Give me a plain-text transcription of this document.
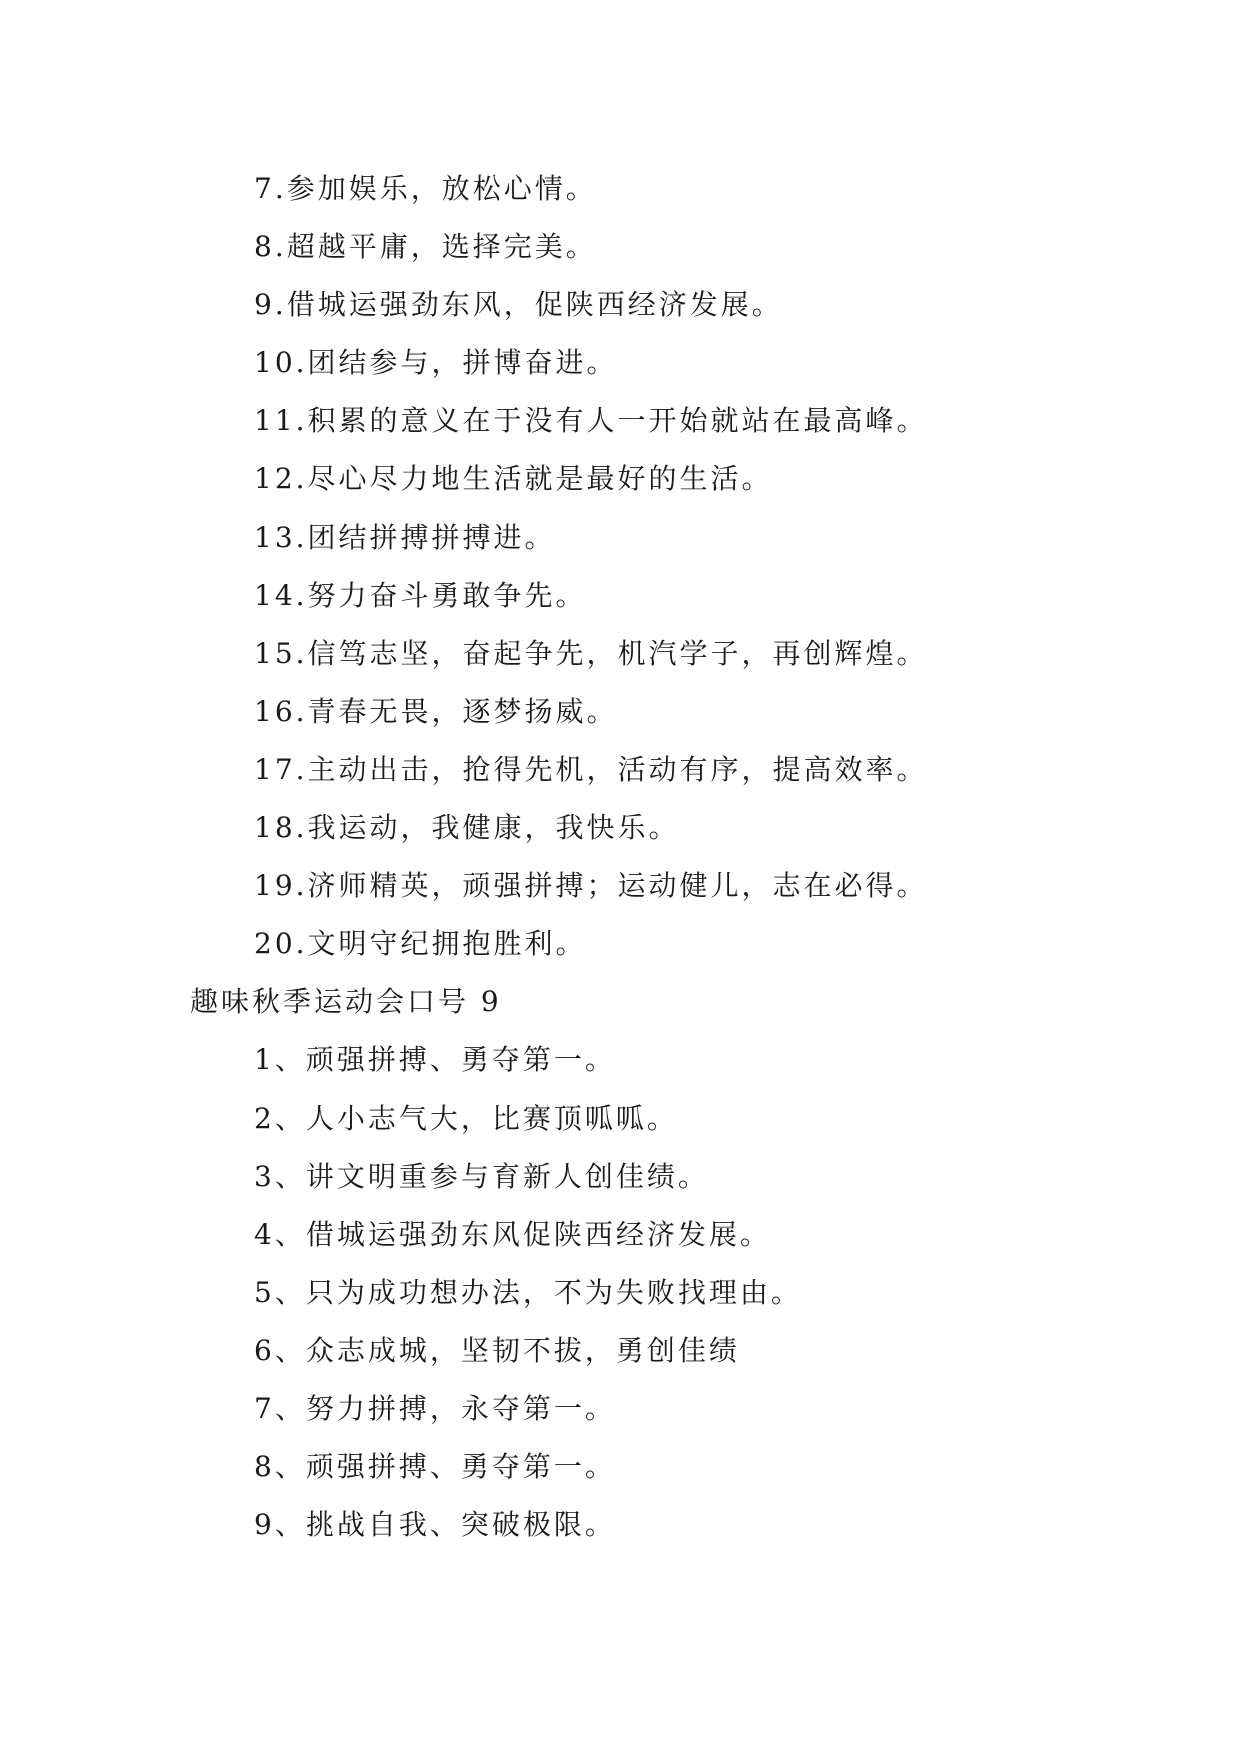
7.参加娱乐，放松心情。
8.超越平庸，选择完美。
9.借城运强劲东风，促陕西经济发展。
10.团结参与，拼博奋进。
11.积累的意义在于没有人一开始就站在最高峰。
12.尽心尽力地生活就是最好的生活。
13.团结拼搏拼搏进。
14.努力奋斗勇敢争先。
15.信笃志坚，奋起争先，机汽学子，再创辉煌。
16.青春无畏，逐梦扬威。
17.主动出击，抢得先机，活动有序，提高效率。
18.我运动，我健康，我快乐。
19.济师精英，顽强拼搏；运动健儿，志在必得。
20.文明守纪拥抱胜利。
趣味秋季运动会口号 9
1、顽强拼搏、勇夺第一。
2、人小志气大，比赛顶呱呱。
3、讲文明重参与育新人创佳绩。
4、借城运强劲东风促陕西经济发展。
5、只为成功想办法，不为失败找理由。
6、众志成城，坚韧不拔，勇创佳绩
7、努力拼搏，永夺第一。
8、顽强拼搏、勇夺第一。
9、挑战自我、突破极限。
